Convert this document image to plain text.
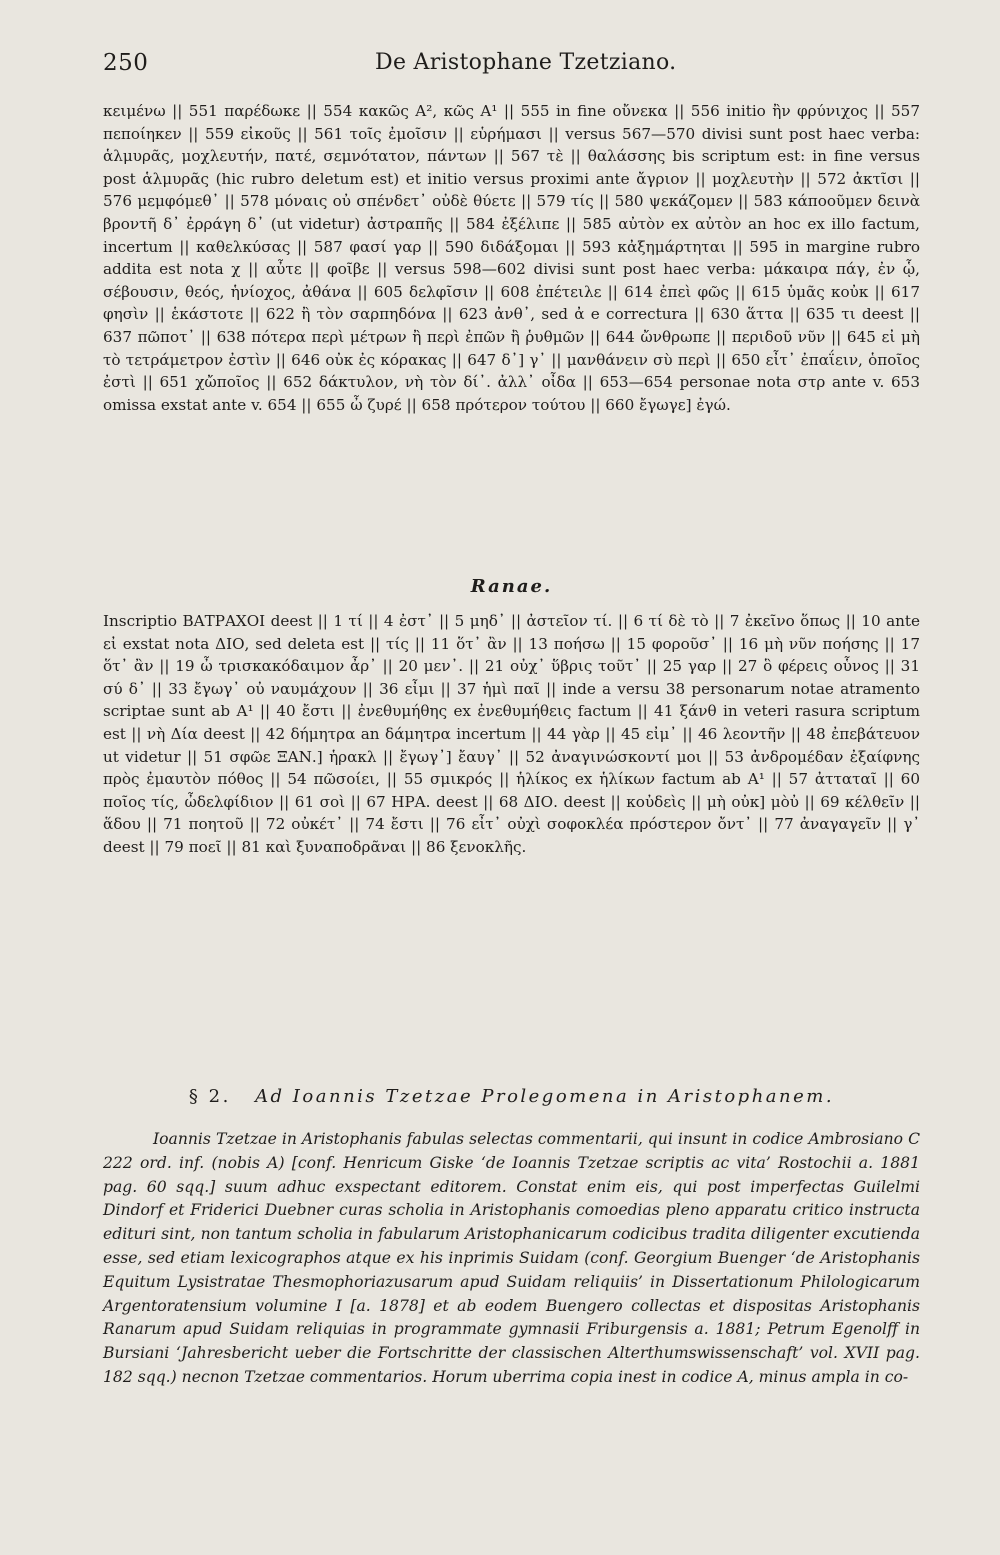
250	De Aristophane Tzetziano.
κειμένω || 551 παρέδωκε || 554 κακῶς A², κῶς A¹ || 555 in fine οὔνεκα || 556 initio ἢν φρύνιχος || 557 πεποίηκεν || 559 εἰκοῦς || 561 τοῖς ἐμοῖσιν || εὑρήμασι || versus 567—570 divisi sunt post haec verba: ἁλμυρᾶς, μοχλευτήν, πατέ, σεμνότατον, πάντων || 567 τὲ || θαλάσσης bis scriptum est: in fine versus post ἁλμυρᾶς (hic rubro deletum est) et initio versus proximi ante ἄγριον || μοχλευτὴν || 572 ἀκτῖσι || 576 μεμφόμεθ᾽ || 578 μόναις οὐ σπένδετ᾽ οὐδὲ θύετε || 579 τίς || 580 ψεκάζομεν || 583 κάποοῦμεν δεινὰ βροντῆ δ᾽ ἐρράγη δ᾽ (ut videtur) ἀστραπῆς || 584 ἐξέλιπε || 585 αὐτὸν ex αὐτὸν an hoc ex illo factum, incertum || καθελκύσας || 587 φασί γαρ || 590 διδάξομαι || 593 κἀξημάρτηται || 595 in margine rubro addita est nota χ || αὖτε || φοῖβε || versus 598—602 divisi sunt post haec verba: μάκαιρα πάγ, ἐν ᾧ, σέβουσιν, θεός, ἡνίοχος, ἀθάνα || 605 δελφῖσιν || 608 ἐπέτειλε || 614 ἐπεὶ φῶς || 615 ὑμᾶς κοὐκ || 617 φησὶν || ἑκάστοτε || 622 ἢ τὸν σαρπηδόνα || 623 ἀνθ᾽, sed ἀ e correctura || 630 ἅττα || 635 τι deest || 637 πῶποτ᾽ || 638 πότερα περὶ μέτρων ἢ περὶ ἐπῶν ἢ ῥυθμῶν || 644 ὤνθρωπε || περιδοῦ νῦν || 645 εἰ μὴ τὸ τετράμετρον ἐστὶν || 646 οὐκ ἐς κόρακας || 647 δ᾽] γ᾽ || μανθάνειν σὺ περὶ || 650 εἶτ᾽ ἐπαΐειν, ὁποῖος ἐστὶ || 651 χὤποῖος || 652 δάκτυλον, νὴ τὸν δί᾽. ἀλλ᾽ οἶδα || 653—654 personae nota στρ ante v. 653 omissa exstat ante v. 654 || 655 ὦ ζυρέ || 658 πρότερον τούτου || 660 ἔγωγε] ἐγώ.
Ranae.
Inscriptio ΒΑΤΡΑΧΟΙ deest || 1 τί || 4 ἐστ᾽ || 5 μηδ᾽ || ἀστεῖον τί. || 6 τί δὲ τὸ || 7 ἐκεῖνο ὅπως || 10 ante εἰ exstat nota ΔΙΟ, sed deleta est || τίς || 11 ὅτ᾽ ἂν || 13 ποήσω || 15 φοροῦσ᾽ || 16 μὴ νῦν ποήσης || 17 ὅτ᾽ ἂν || 19 ὦ τρισκακόδαιμον ἆρ᾽ || 20 μεν᾽. || 21 οὐχ᾽ ὕβρις τοῦτ᾽ || 25 γαρ || 27 ὃ φέρεις οὗνος || 31 σύ δ᾽ || 33 ἔγωγ᾽ οὐ ναυμάχουν || 36 εἶμι || 37 ἡμὶ παῖ || inde a versu 38 personarum notae atramento scriptae sunt ab A¹ || 40 ἔστι || ἐνεθυμήθης ex ἐνεθυμήθεις factum || 41 ξάνθ in veteri rasura scriptum est || νὴ Δία deest || 42 δήμητρα an δάμητρα incertum || 44 γὰρ || 45 εἰμ᾽ || 46 λεοντῆν || 48 ἐπεβάτευον ut videtur || 51 σφῶε ΞΑΝ.] ἡρακλ || ἔγωγ᾽] ἔαυγ᾽ || 52 ἀναγινώσκοντί μοι || 53 ἀνδρομέδαν ἐξαίφνης πρὸς ἐμαυτὸν πόθος || 54 πῶσοίει, || 55 σμικρός || ἡλίκος ex ἡλίκων factum ab A¹ || 57 ἀτταταῖ || 60 ποῖος τίς, ὦδελφίδιον || 61 σοὶ || 67 ΗΡΑ. deest || 68 ΔΙΟ. deest || κοὐδεὶς || μὴ οὐκ] μὸὐ || 69 κέλθεῖν || ἅδου || 71 ποητοῦ || 72 οὐκέτ᾽ || 74 ἔστι || 76 εἶτ᾽ οὐχὶ σοφοκλέα πρόστερον ὄντ᾽ || 77 ἀναγαγεῖν || γ᾽ deest || 79 ποεῖ || 81 καὶ ξυναποδρᾶναι || 86 ξενοκλῆς.
§ 2. Ad Ioannis Tzetzae Prolegomena in Aristophanem.
Ioannis Tzetzae in Aristophanis fabulas selectas commentarii, qui insunt in codice Ambrosiano C 222 ord. inf. (nobis A) [conf. Henricum Giske ‘de Ioannis Tzetzae scriptis ac vita’ Rostochii a. 1881 pag. 60 sqq.] suum adhuc exspectant editorem. Constat enim eis, qui post imperfectas Guilelmi Dindorf et Friderici Duebner curas scholia in Aristophanis comoedias pleno apparatu critico instructa edituri sint, non tantum scholia in fabularum Aristophanicarum codicibus tradita diligenter excutienda esse, sed etiam lexicographos atque ex his inprimis Suidam (conf. Georgium Buenger ‘de Aristophanis Equitum Lysistratae Thesmophoriazusarum apud Suidam reliquiis’ in Dissertationum Philologicarum Argentoratensium volumine I [a. 1878] et ab eodem Buengero collectas et dispositas Aristophanis Ranarum apud Suidam reliquias in programmate gymnasii Friburgensis a. 1881; Petrum Egenolff in Bursiani ‘Jahresbericht ueber die Fortschritte der classischen Alterthumswissenschaft’ vol. XVII pag. 182 sqq.) necnon Tzetzae commentarios. Horum uberrima copia inest in codice A, minus ampla in co-
